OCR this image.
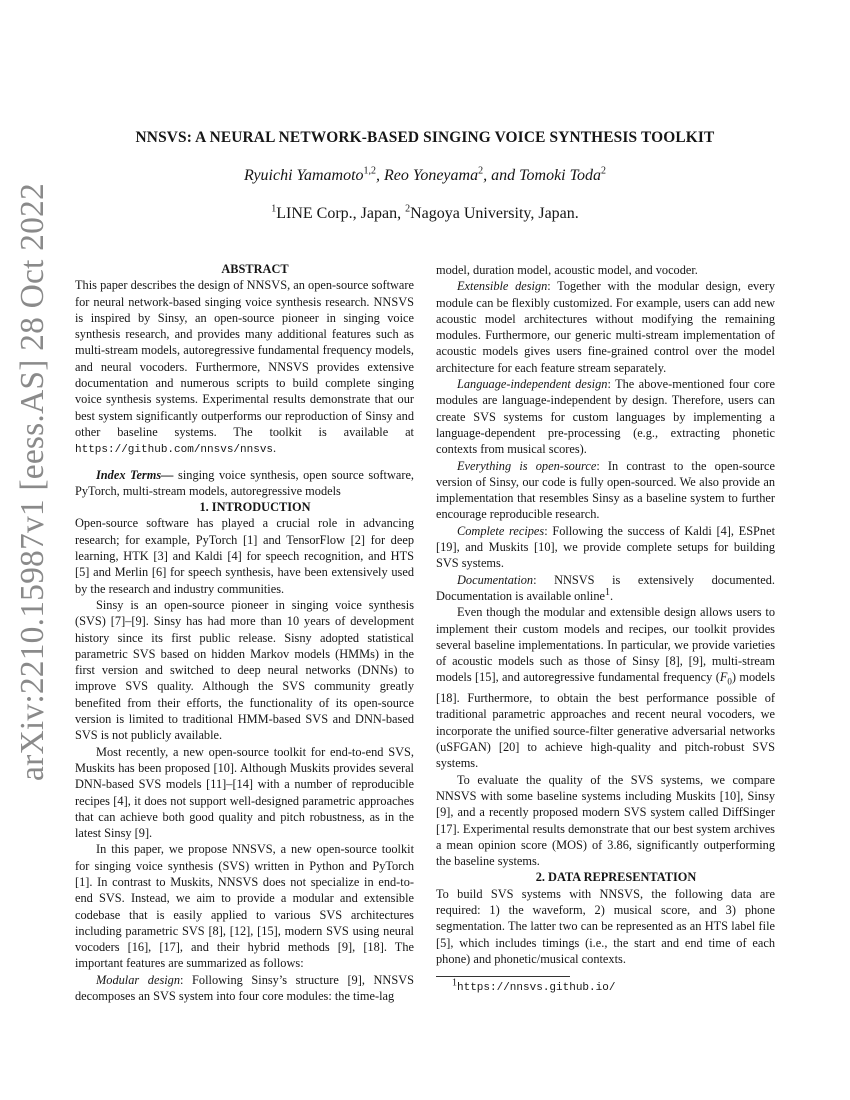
arXiv:2210.15987v1 [eess.AS] 28 Oct 2022
NNSVS: A NEURAL NETWORK-BASED SINGING VOICE SYNTHESIS TOOLKIT
Ryuichi Yamamoto$^{1,2}$, Reo Yoneyama$^2$, and Tomoki Toda$^2$
$^1$LINE Corp., Japan, $^2$Nagoya University, Japan.

ABSTRACT

This paper describes the design of NNSVS, an open-source software for neural network-based singing voice synthesis research. NNSVS is inspired by Sinsy, an open-source pioneer in singing voice synthesis research, and provides many additional features such as multi-stream models, autoregressive fundamental frequency models, and neural vocoders. Furthermore, NNSVS provides extensive documentation and numerous scripts to build complete singing voice synthesis systems. Experimental results demonstrate that our best system significantly outperforms our reproduction of Sinsy and other baseline systems. The toolkit is available at https://github.com/nnsvs/nnsvs.

Index Terms— singing voice synthesis, open source software, PyTorch, multi-stream models, autoregressive models

1. INTRODUCTION

Open-source software has played a crucial role in advancing research; for example, PyTorch [1] and TensorFlow [2] for deep learning, HTK [3] and Kaldi [4] for speech recognition, and HTS [5] and Merlin [6] for speech synthesis, have been extensively used by the research and industry communities.

Sinsy is an open-source pioneer in singing voice synthesis (SVS) [7]–[9]. Sinsy has had more than 10 years of development history since its first public release. Sisny adopted statistical parametric SVS based on hidden Markov models (HMMs) in the first version and switched to deep neural networks (DNNs) to improve SVS quality. Although the SVS community greatly benefited from their efforts, the functionality of its open-source version is limited to traditional HMM-based SVS and DNN-based SVS is not publicly available.

Most recently, a new open-source toolkit for end-to-end SVS, Muskits has been proposed [10]. Although Muskits provides several DNN-based SVS models [11]–[14] with a number of reproducible recipes [4], it does not support well-designed parametric approaches that can achieve both good quality and pitch robustness, as in the latest Sinsy [9].

In this paper, we propose NNSVS, a new open-source toolkit for singing voice synthesis (SVS) written in Python and PyTorch [1]. In contrast to Muskits, NNSVS does not specialize in end-to-end SVS. Instead, we aim to provide a modular and extensible codebase that is easily applied to various SVS architectures including parametric SVS [8], [12], [15], modern SVS using neural vocoders [16], [17], and their hybrid methods [9], [18]. The important features are summarized as follows:

Modular design: Following Sinsy’s structure [9], NNSVS decomposes an SVS system into four core modules: the time-lag

model, duration model, acoustic model, and vocoder.

Extensible design: Together with the modular design, every module can be flexibly customized. For example, users can add new acoustic model architectures without modifying the remaining modules. Furthermore, our generic multi-stream implementation of acoustic models gives users fine-grained control over the model architecture for each feature stream separately.

Language-independent design: The above-mentioned four core modules are language-independent by design. Therefore, users can create SVS systems for custom languages by implementing a language-dependent pre-processing (e.g., extracting phonetic contexts from musical scores).

Everything is open-source: In contrast to the open-source version of Sinsy, our code is fully open-sourced. We also provide an implementation that resembles Sinsy as a baseline system to further encourage reproducible research.

Complete recipes: Following the success of Kaldi [4], ESPnet [19], and Muskits [10], we provide complete setups for building SVS systems.

Documentation: NNSVS is extensively documented. Documentation is available online$^1$.

Even though the modular and extensible design allows users to implement their custom models and recipes, our toolkit provides several baseline implementations. In particular, we provide varieties of acoustic models such as those of Sinsy [8], [9], multi-stream models [15], and autoregressive fundamental frequency $(F_0)$ models [18]. Furthermore, to obtain the best performance possible of traditional parametric approaches and recent neural vocoders, we incorporate the unified source-filter generative adversarial networks (uSFGAN) [20] to achieve high-quality and pitch-robust SVS systems.

To evaluate the quality of the SVS systems, we compare NNSVS with some baseline systems including Muskits [10], Sinsy [9], and a recently proposed modern SVS system called DiffSinger [17]. Experimental results demonstrate that our best system archives a mean opinion score (MOS) of 3.86, significantly outperforming the baseline systems.

2. DATA REPRESENTATION

To build SVS systems with NNSVS, the following data are required: 1) the waveform, 2) musical score, and 3) phone segmentation. The latter two can be represented as an HTS label file [5], which includes timings (i.e., the start and end time of each phone) and phonetic/musical contexts.

$^1$https://nnsvs.github.io/
